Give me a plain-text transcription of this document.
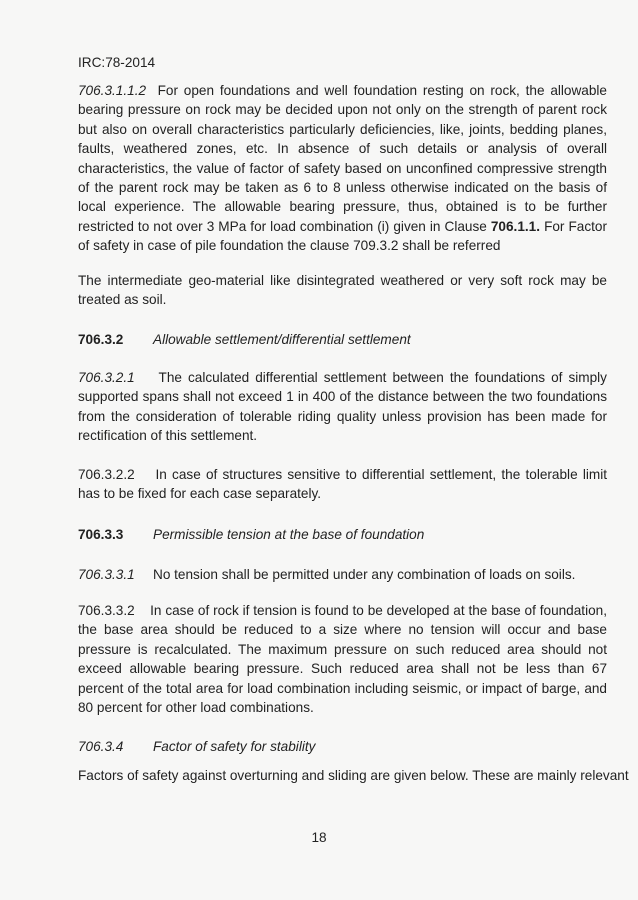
IRC:78-2014

706.3.1.1.2 For open foundations and well foundation resting on rock, the allowable bearing pressure on rock may be decided upon not only on the strength of parent rock but also on overall characteristics particularly deficiencies, like, joints, bedding planes, faults, weathered zones, etc. In absence of such details or analysis of overall characteristics, the value of factor of safety based on unconfined compressive strength of the parent rock may be taken as 6 to 8 unless otherwise indicated on the basis of local experience. The allowable bearing pressure, thus, obtained is to be further restricted to not over 3 MPa for load combination (i) given in Clause 706.1.1. For Factor of safety in case of pile foundation the clause 709.3.2 shall be referred

The intermediate geo-material like disintegrated weathered or very soft rock may be treated as soil.

706.3.2 Allowable settlement/differential settlement

706.3.2.1 The calculated differential settlement between the foundations of simply supported spans shall not exceed 1 in 400 of the distance between the two foundations from the consideration of tolerable riding quality unless provision has been made for rectification of this settlement.

706.3.2.2 In case of structures sensitive to differential settlement, the tolerable limit has to be fixed for each case separately.

706.3.3 Permissible tension at the base of foundation
706.3.3.1 No tension shall be permitted under any combination of loads on soils.

706.3.3.2 In case of rock if tension is found to be developed at the base of foundation, the base area should be reduced to a size where no tension will occur and base pressure is recalculated. The maximum pressure on such reduced area should not exceed allowable bearing pressure. Such reduced area shall not be less than 67 percent of the total area for load combination including seismic, or impact of barge, and 80 percent for other load combinations.

706.3.4 Factor of safety for stability
Factors of safety against overturning and sliding are given below. These are mainly relevant
18
